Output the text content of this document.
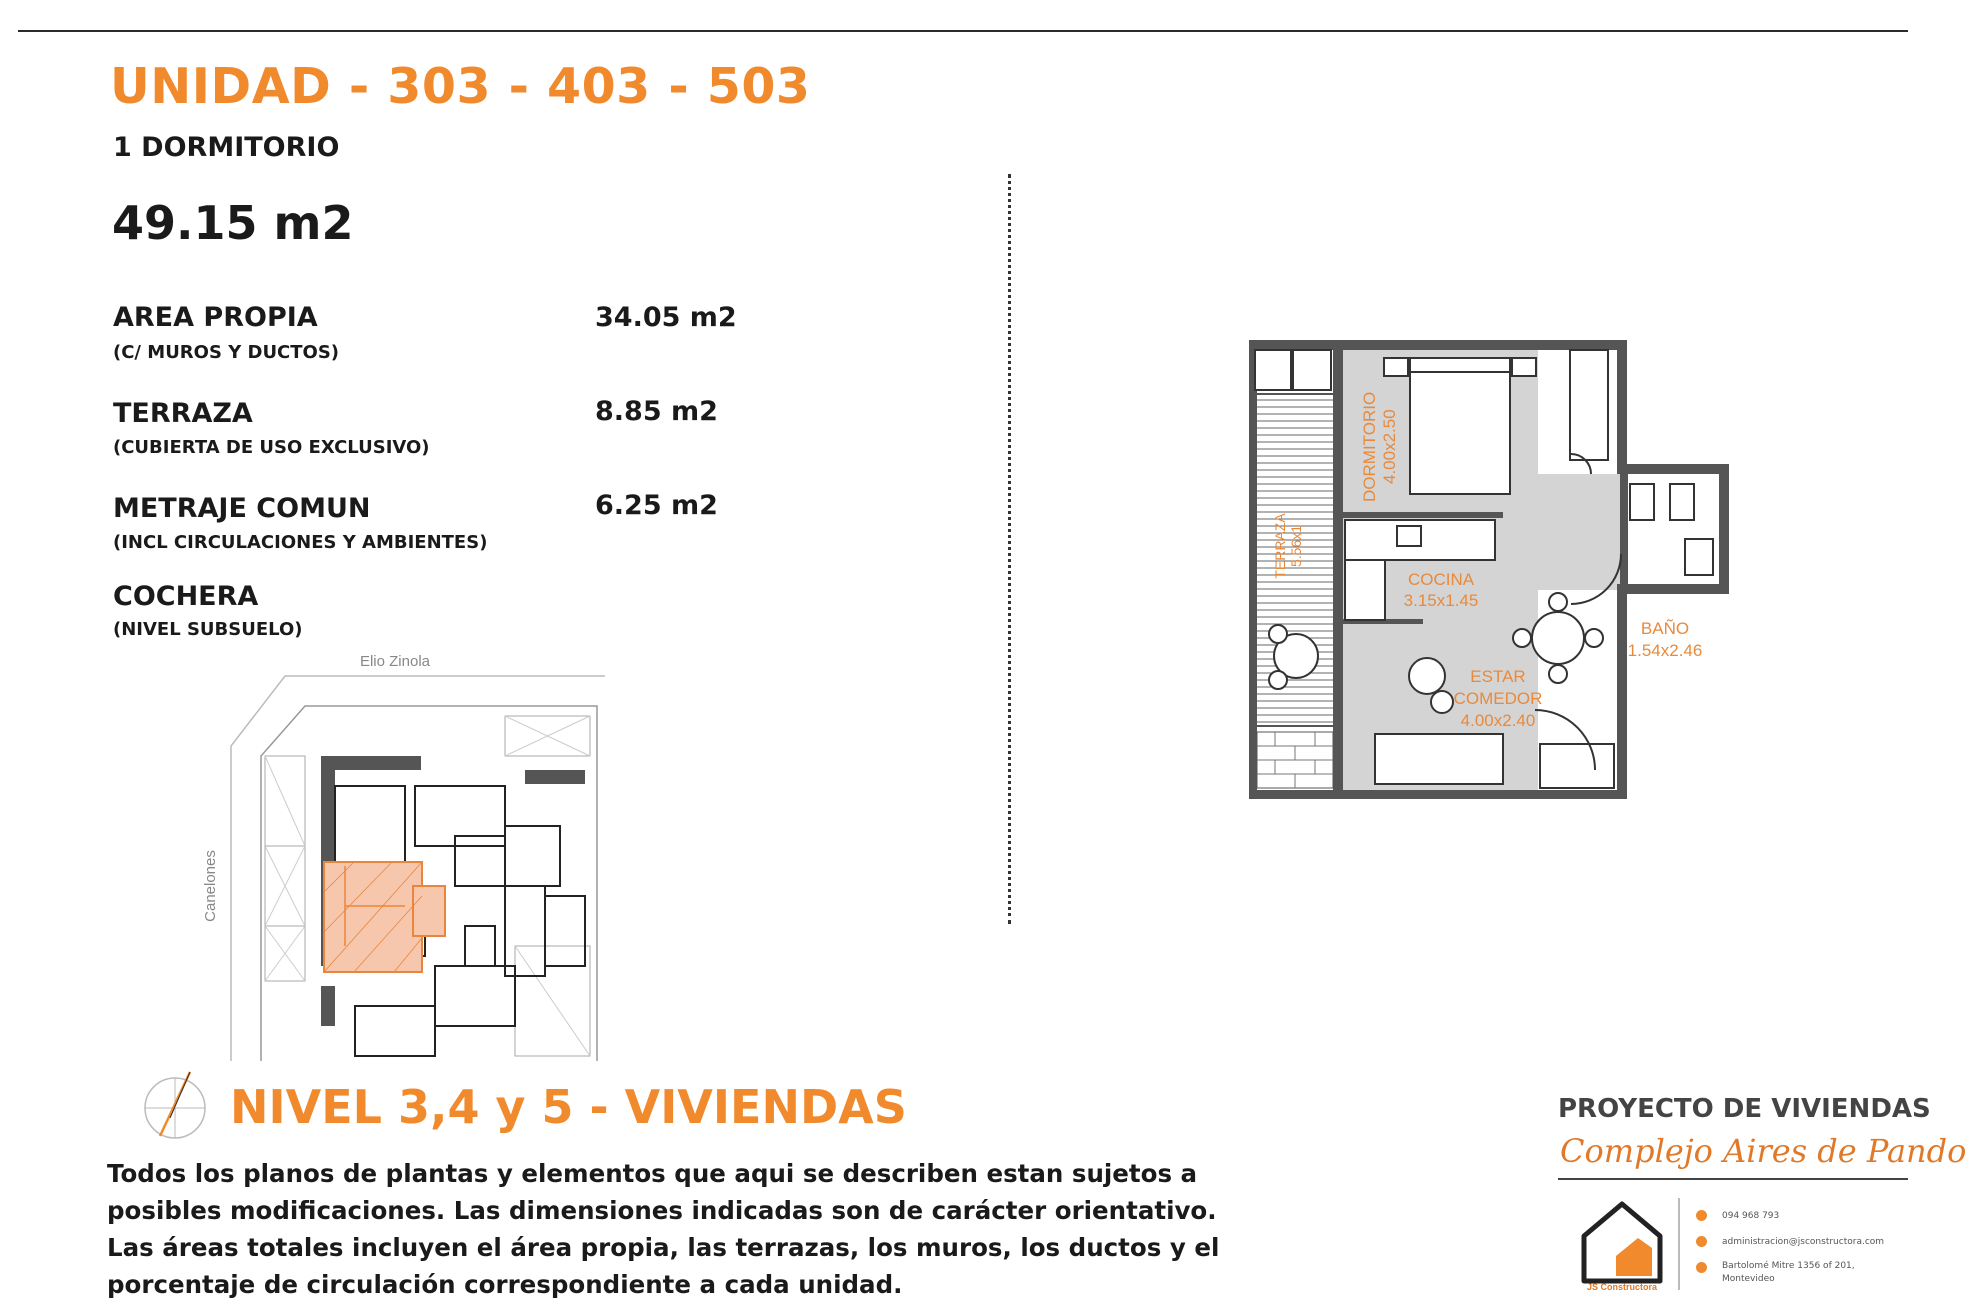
UNIDAD - 303 - 403 - 503
1 DORMITORIO
49.15 m2
AREA PROPIA
(C/ MUROS Y DUCTOS)
34.05 m2
TERRAZA
(CUBIERTA DE USO EXCLUSIVO)
8.85 m2
METRAJE COMUN
(INCL CIRCULACIONES Y AMBIENTES)
6.25 m2
COCHERA
(NIVEL SUBSUELO)
Elio Zinola
Canelones
DORMITORIO 4.00x2.50
TERRAZA 5.56x1
COCINA
3.15x1.45
ESTAR
COMEDOR
4.00x2.40
BAÑO
1.54x2.46
NIVEL 3,4 y 5 - VIVIENDAS
Todos los planos de plantas y elementos que aqui se describen estan sujetos a posibles modificaciones. Las dimensiones indicadas son de carácter orientativo. Las áreas totales incluyen el área propia, las terrazas, los muros, los ductos y el porcentaje de circulación correspondiente a cada unidad.
PROYECTO DE VIVIENDAS
Complejo Aires de Pando
JS Constructora
094 968 793
administracion@jsconstructora.com
Bartolomé Mitre 1356 of 201,
Montevideo
